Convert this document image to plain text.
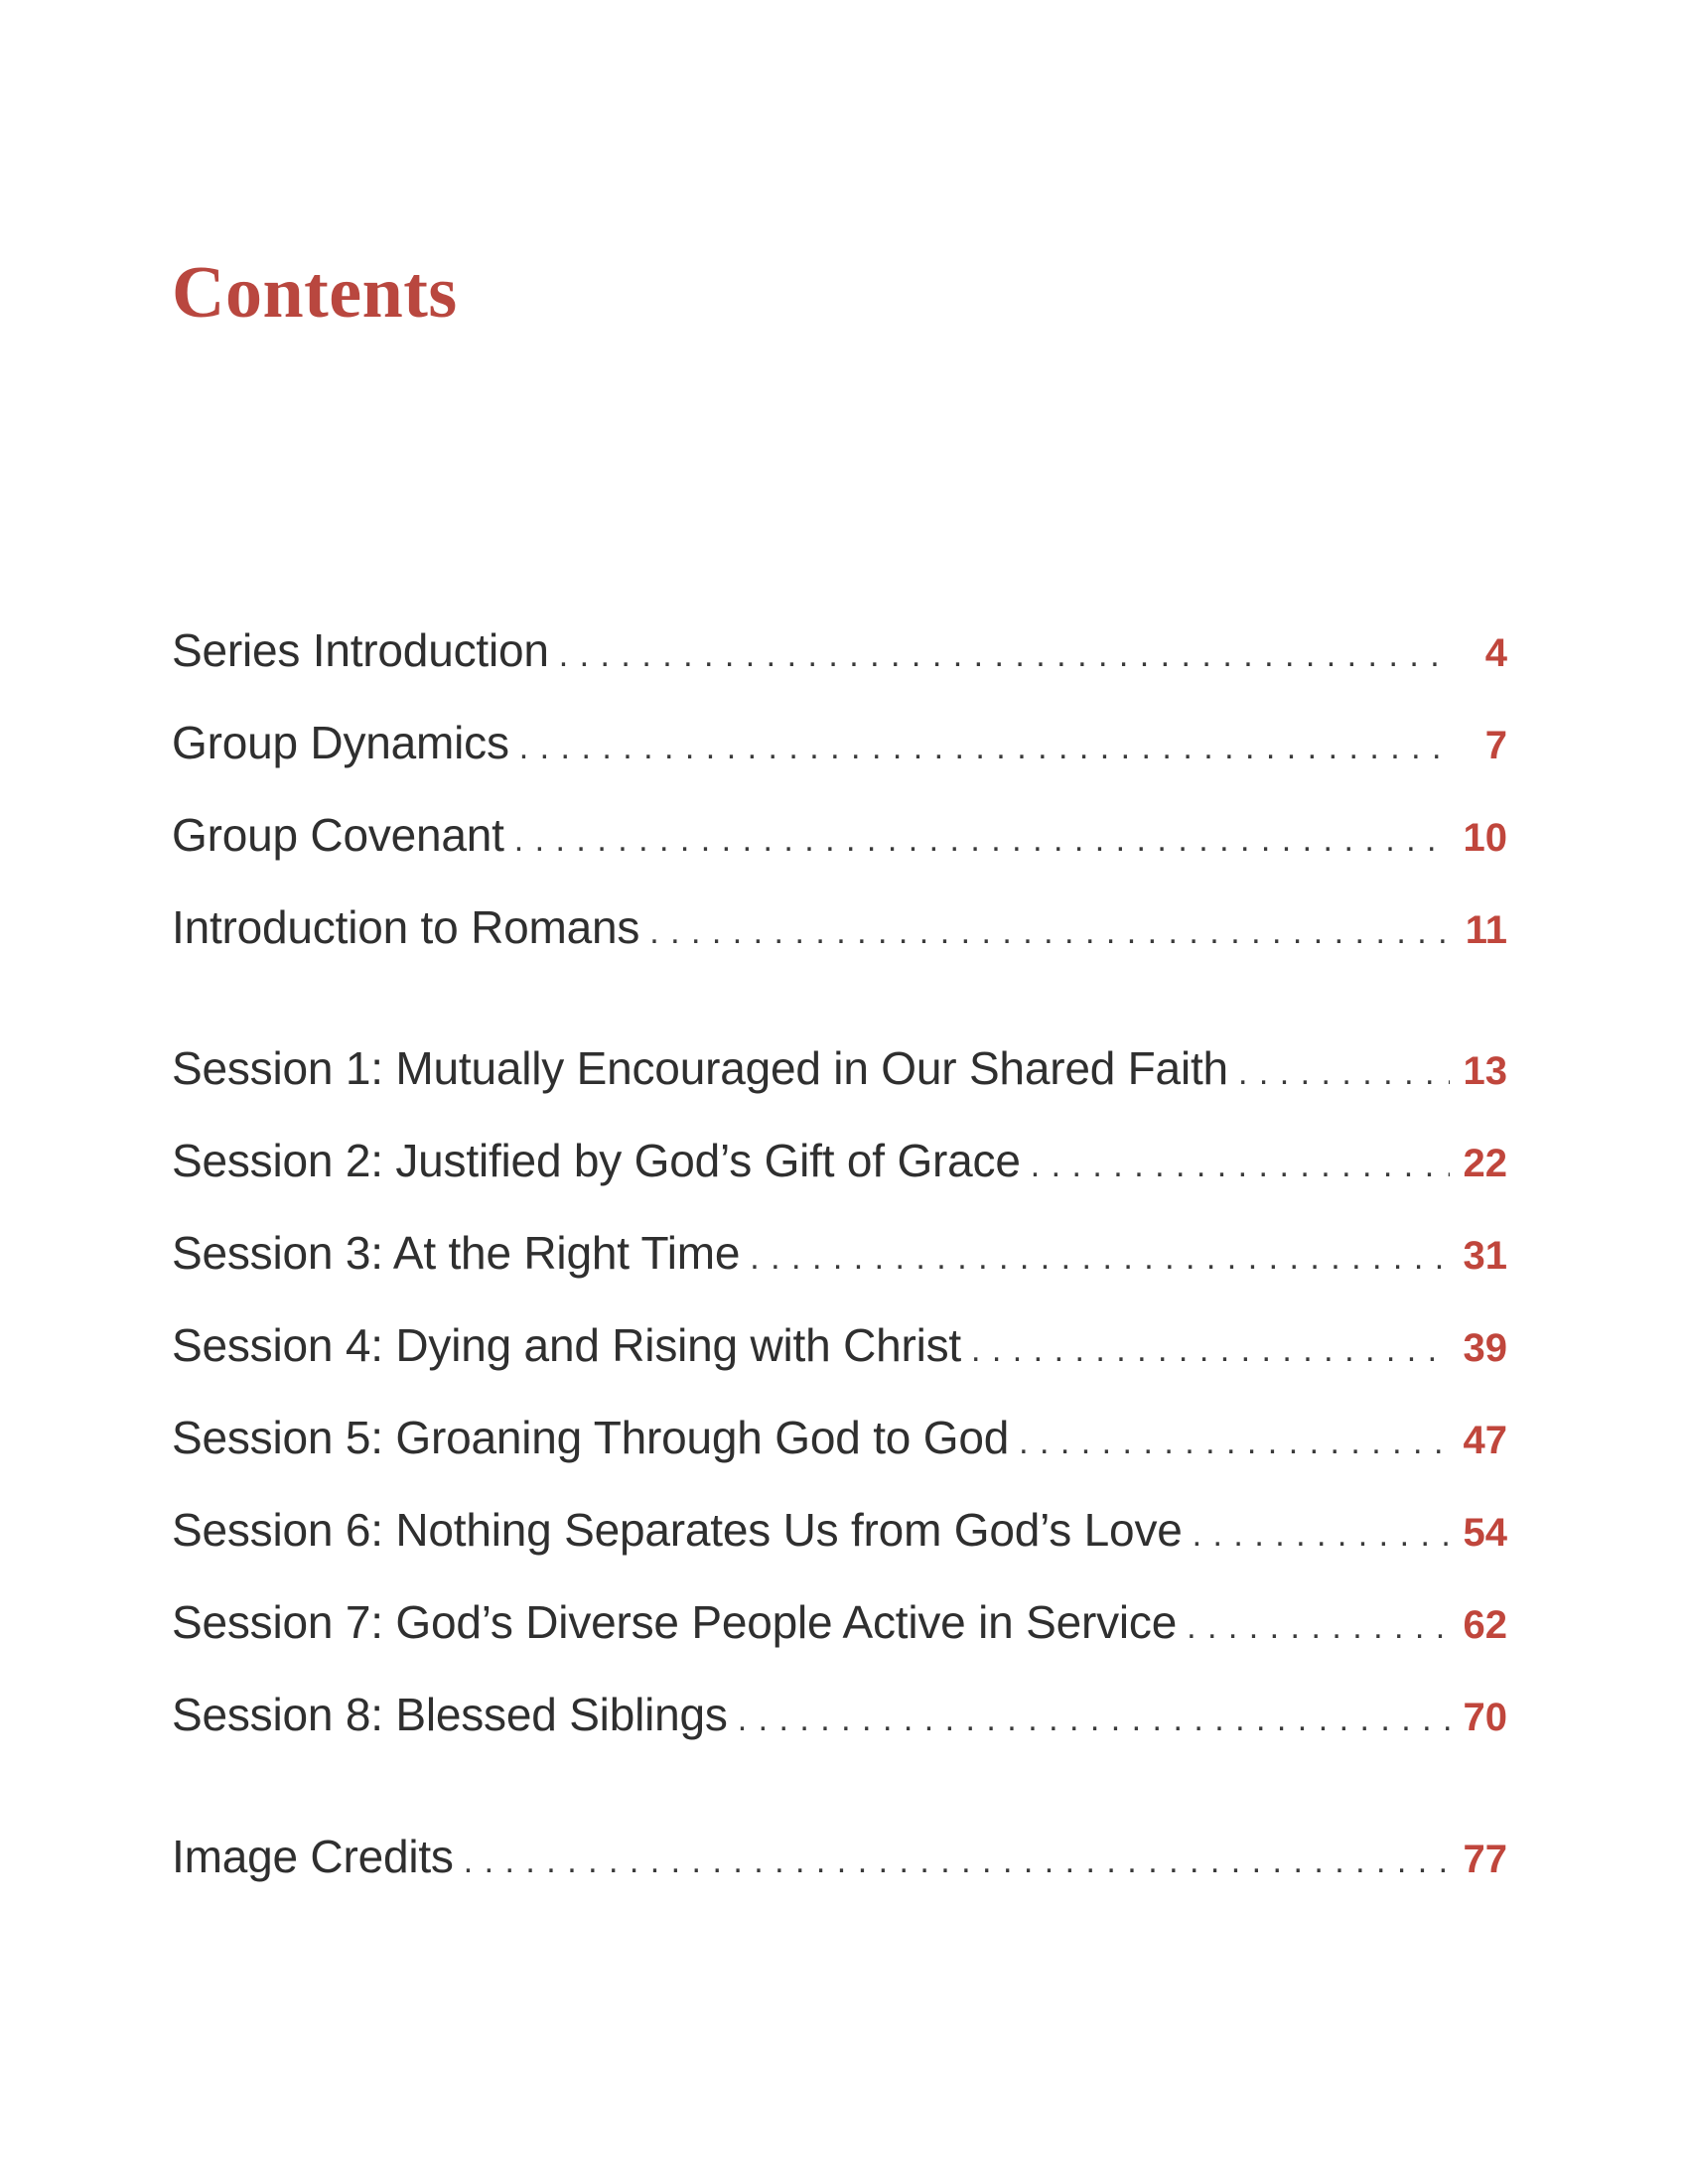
Contents
Series Introduction . . .	4
Group Dynamics . . .	7
Group Covenant . . .	10
Introduction to Romans . . .	11
Session 1: Mutually Encouraged in Our Shared Faith . . .	13
Session 2: Justified by God’s Gift of Grace . . .	22
Session 3: At the Right Time . . .	31
Session 4: Dying and Rising with Christ . . .	39
Session 5: Groaning Through God to God . . .	47
Session 6: Nothing Separates Us from God’s Love . . .	54
Session 7: God’s Diverse People Active in Service . . .	62
Session 8: Blessed Siblings . . .	70
Image Credits . . .	77
